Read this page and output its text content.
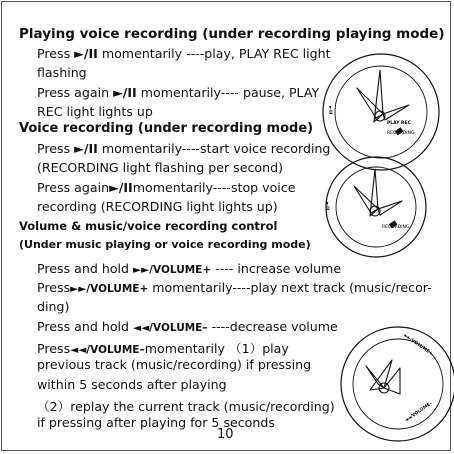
Playing voice recording (under recording playing mode)
Press ►/II momentarily ----play, PLAY REC light
flashing
Press again ►/II momentarily---- pause, PLAY
REC light lights up
Voice recording (under recording mode)
Press ►/II momentarily----start voice recording
(RECORDING light flashing per second)
Press again►/IImomentarily----stop voice
recording (RECORDING light lights up)
Volume & music/voice recording control
(Under music playing or voice recording mode)
Press and hold ►►/VOLUME+ ---- increase volume
Press►►/VOLUME+ momentarily----play next track (music/recor-
ding)
Press and hold ◄◄/VOLUME– ----decrease volume
Press◄◄/VOLUME–momentarily （1）play
previous track (music/recording) if pressing
within 5 seconds after playing
（2）replay the current track (music/recording)
if pressing after playing for 5 seconds
10
PLAY REC
RECORDING
►/II
RECORDING
►/II
►►/VOLUME+
◄◄/VOLUME–
